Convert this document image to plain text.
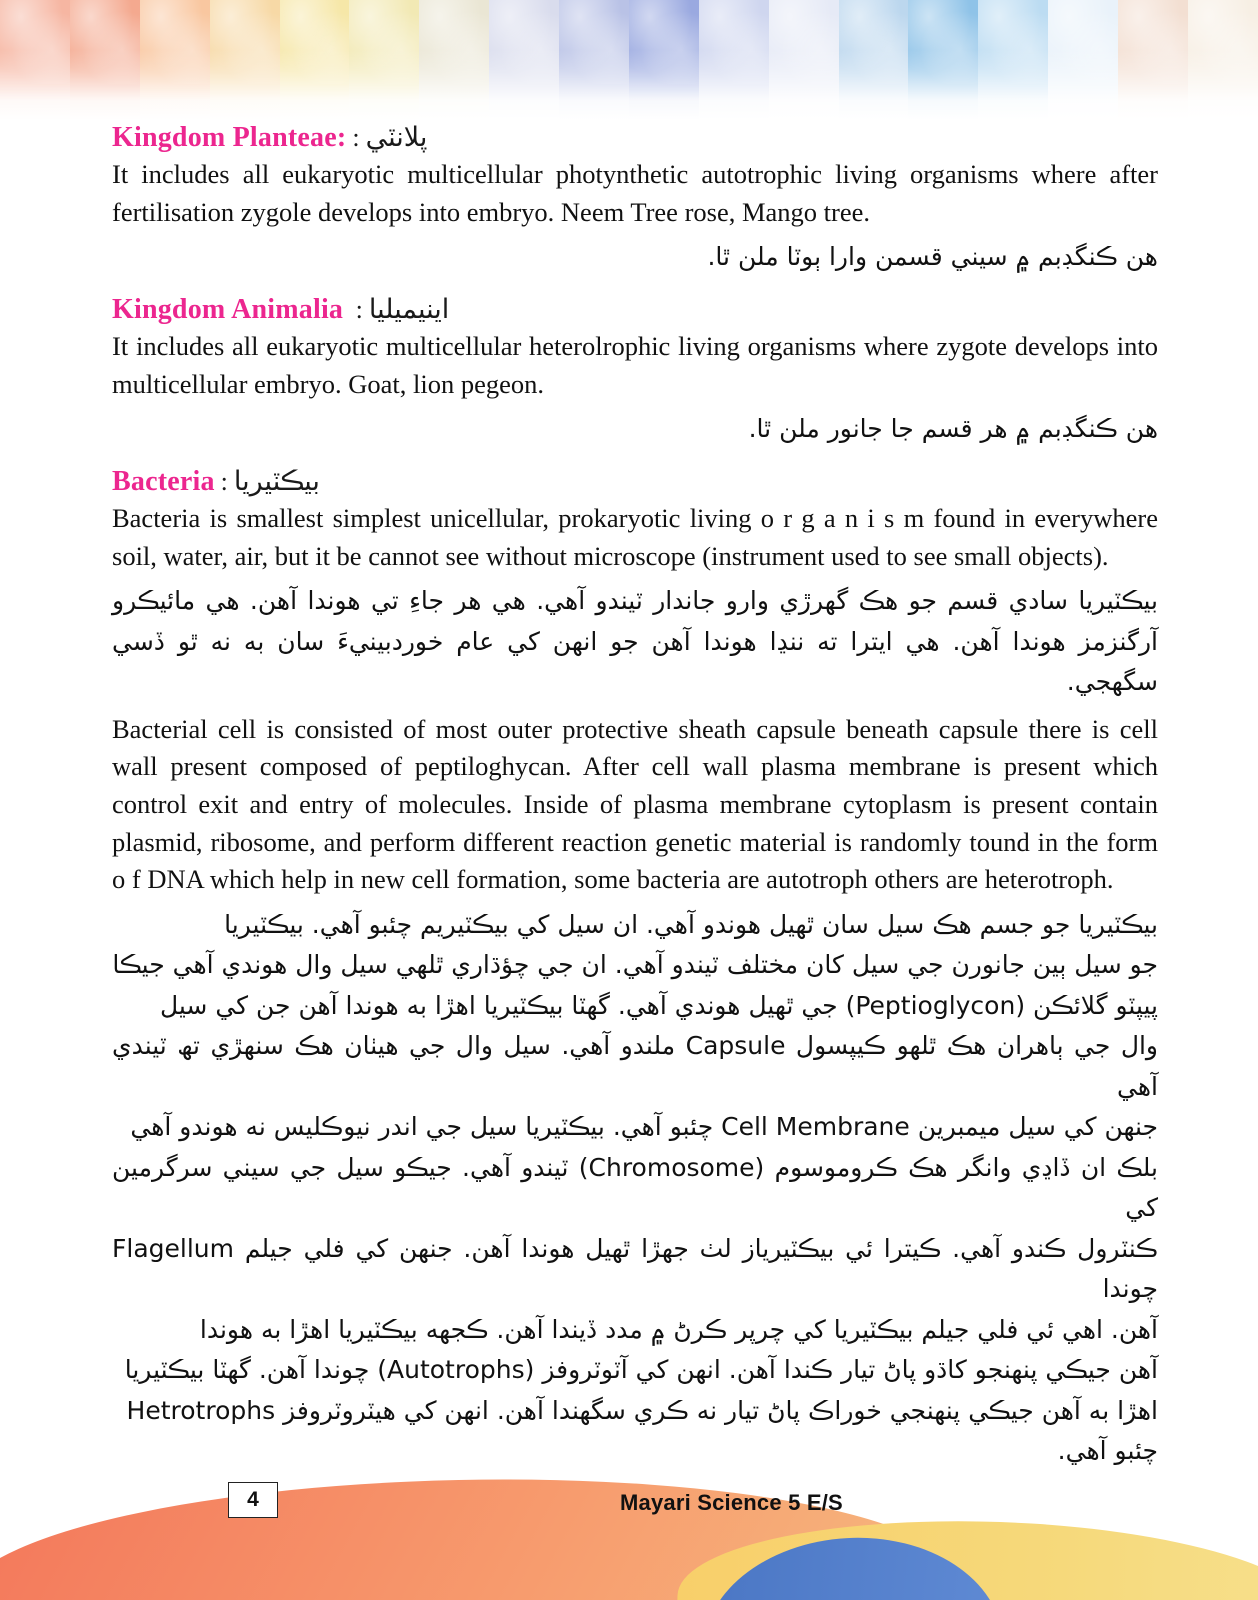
Kingdom Planteae: : پلانٽي

It includes all eukaryotic multicellular photynthetic autotrophic living organisms where after fertilisation zygole develops into embryo. Neem Tree rose, Mango tree.

هن ڪنگڊبم ۾ سيني قسمن وارا ٻوٽا ملن ٿا.

Kingdom Animalia : اينيميليا

It includes all eukaryotic multicellular heterolrophic living organisms where zygote develops into multicellular embryo. Goat, lion pegeon.

هن ڪنگڊبم ۾ هر قسم جا جانور ملن ٿا.

Bacteria : بيڪٽيريا

Bacteria is smallest simplest unicellular, prokaryotic living o r g a n i s m found in everywhere soil, water, air, but it be cannot see without microscope (instrument used to see small objects).

بيڪٽيريا سادي قسم جو هڪ گهرڙي وارو جاندار ٽيندو آهي. هي هر جاءِ تي هوندا آهن. هي مائيڪرو آرگنزمز هوندا آهن. هي ايترا ته ننڍا هوندا آهن جو انهن کي عام خوردبينيءَ سان به نه ٿو ڏسي سگهجي.

Bacterial cell is consisted of most outer protective sheath capsule beneath capsule there is cell wall present composed of peptiloghycan. After cell wall plasma membrane is present which control exit and entry of molecules. Inside of plasma membrane cytoplasm is present contain plasmid, ribosome, and perform different reaction genetic material is randomly tound in the form o f DNA which help in new cell formation, some bacteria are autotroph others are heterotroph.

بيڪٽيريا جو جسم هڪ سيل سان ٿهيل هوندو آهي. ان سيل کي بيڪٽيريم چئبو آهي. بيڪٽيريا

جو سيل ٻين جانورن جي سيل کان مختلف ٽيندو آهي. ان جي چؤڌاري ٿلهي سيل وال هوندي آهي جيڪا

پيپٽو گلائڪن (Peptioglycon) جي ٿهيل هوندي آهي. گهٽا بيڪٽيريا اهڙا به هوندا آهن جن کي سيل

وال جي ٻاهران هڪ ٿلهو ڪيپسول Capsule ملندو آهي. سيل وال جي هيٺان هڪ سنهڙي تھ ٽيندي آهي

جنهن کي سيل ميمبرين Cell Membrane چئبو آهي. بيڪٽيريا سيل جي اندر نيوڪليس نه هوندو آهي

بلڪ ان ڏاڍي وانگر هڪ ڪروموسوم (Chromosome) ٽيندو آهي. جيڪو سيل جي سيني سرگرمين کي

ڪنٽرول ڪندو آهي. ڪيترا ئي بيڪٽيرياز لٺ جهڙا ٿهيل هوندا آهن. جنهن کي فلي جيلم Flagellum چوندا

آهن. اهي ئي فلي جيلم بيڪٽيريا کي چرپر ڪرڻ ۾ مدد ڏيندا آهن. ڪجهه بيڪٽيريا اهڙا به هوندا

آهن جيڪي پنهنجو کاڌو پاڻ تيار ڪندا آهن. انهن کي آٽوٽروفز (Autotrophs) چوندا آهن. گهٽا بيڪٽيريا

اهڙا به آهن جيڪي پنهنجي خوراڪ پاڻ تيار نه ڪري سگهندا آهن. انهن کي هيٽروٽروفز Hetrotrophs چئبو آهي.

4	Mayari Science 5 E/S
